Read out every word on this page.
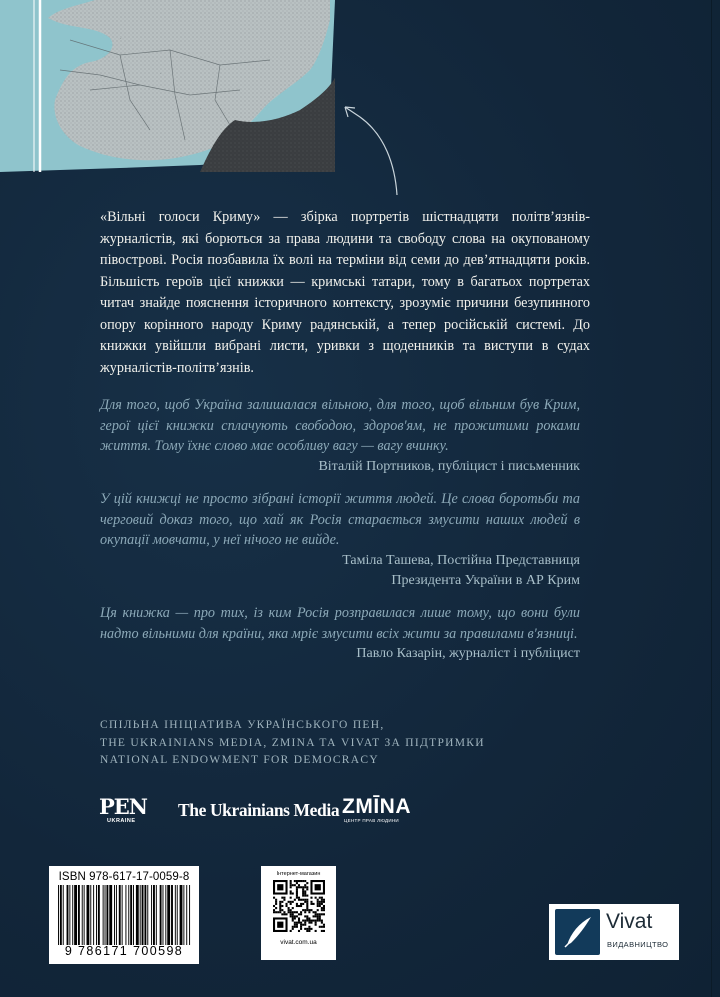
·
·
·

«Вільні голоси Криму» — збірка портретів шістнадцяти політв’язнів-журналістів, які борються за права людини та свободу слова на окупованому півострові. Росія позбавила їх волі на терміни від семи до дев’ятнадцяти років. Більшість героїв цієї книжки — кримські татари, тому в багатьох портретах читач знайде пояснення історичного контексту, зрозуміє причини безупинного опору корінного народу Криму радянській, а тепер російській системі. До книжки увійшли вибрані листи, уривки з щоденників та виступи в судах журналістів-політв’язнів.

Для того, щоб Україна залишалася вільною, для того, щоб вільним був Крим, герої цієї книжки сплачують свободою, здоров'ям, не прожитими роками життя. Тому їхнє слово має особливу вагу — вагу вчинку.

Віталій Портников, публіцист і письменник

У цій книжці не просто зібрані історії життя людей. Це слова боротьби та черговий доказ того, що хай як Росія старається змусити наших людей в окупації мовчати, у неї нічого не вийде.

Таміла Ташева, Постійна Представниця
Президента України в АР Крим

Ця книжка — про тих, із ким Росія розправилася лише тому, що вони були надто вільними для країни, яка мріє змусити всіх жити за правилами в'язниці.

Павло Казарін, журналіст і публіцист
СПІЛЬНА ІНІЦІАТИВА УКРАЇНСЬКОГО ПЕН,
THE UKRAINIANS MEDIA, ZMINA ТА VIVAT ЗА ПІДТРИМКИ
NATIONAL ENDOWMENT FOR DEMOCRACY
PEN
UKRAINE
The Ukrainians Media ZMĪNA
ЦЕНТР ПРАВ ЛЮДИНИ
ISBN 978-617-17-0059-8
9 786171 700598
Інтернет-магазин
vivat.com.ua
Vivat
ВИДАВНИЦТВО
